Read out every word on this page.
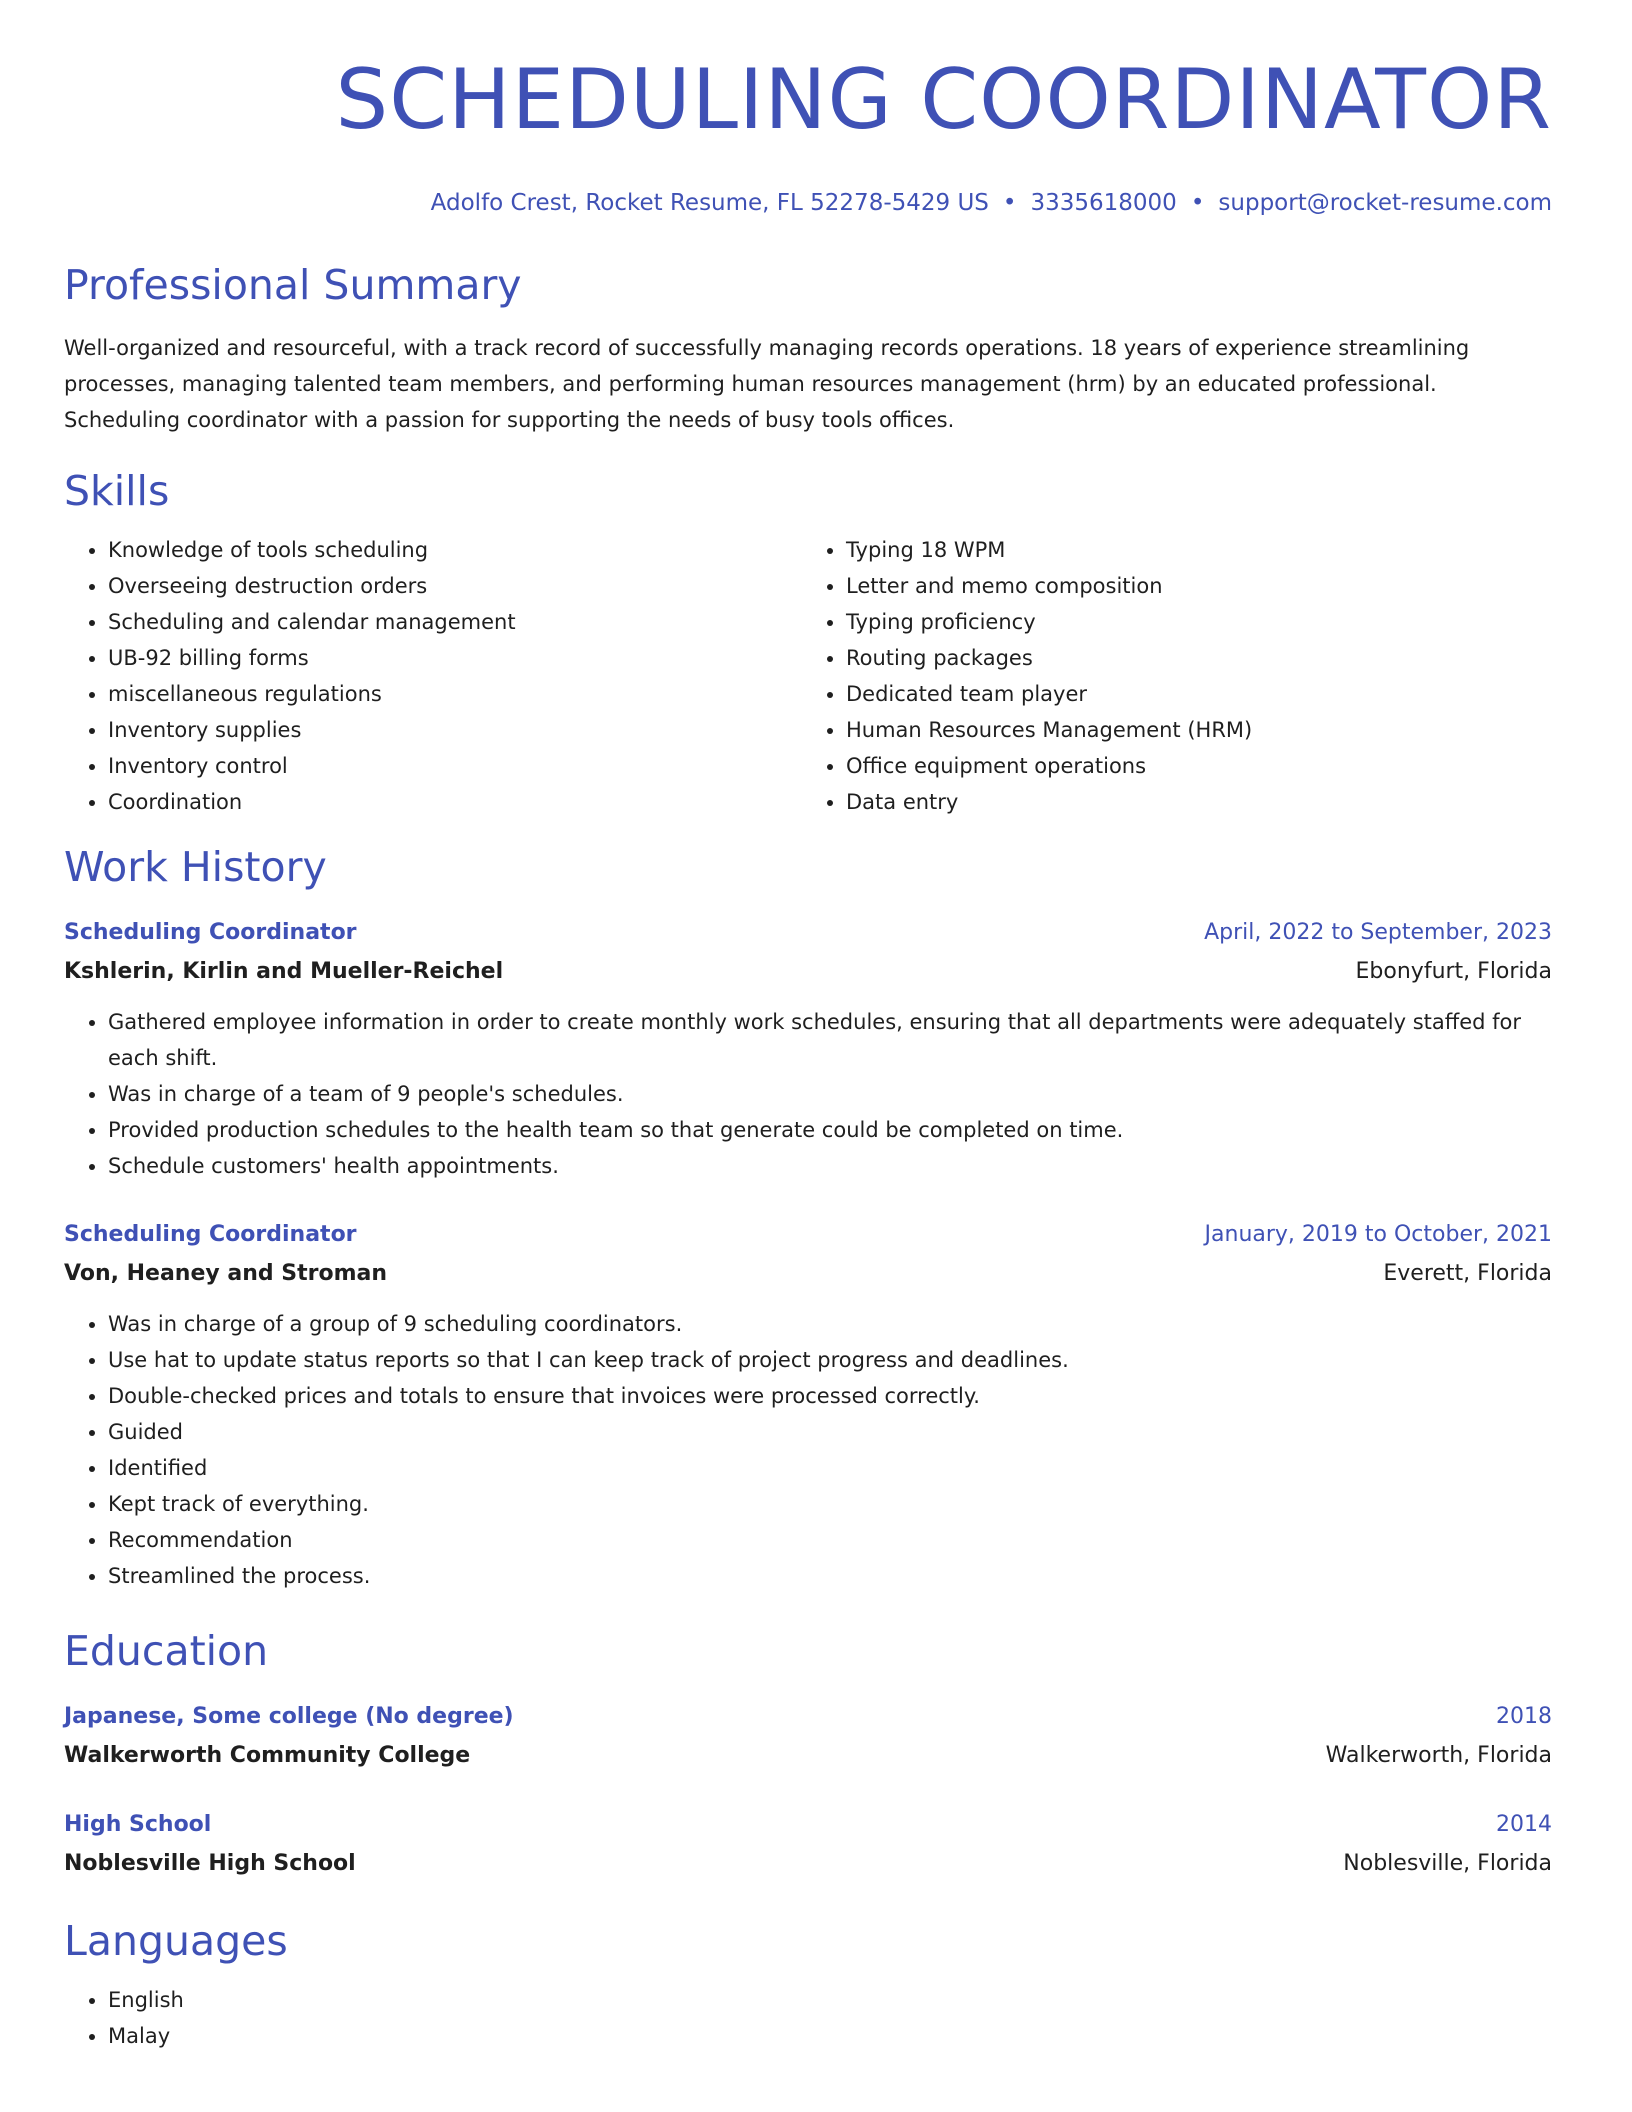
SCHEDULING COORDINATOR
Adolfo Crest, Rocket Resume, FL 52278-5429 US • 3335618000 • support@rocket-resume.com
Professional Summary

Well-organized and resourceful, with a track record of successfully managing records operations. 18 years of experience streamlining processes, managing talented team members, and performing human resources management (hrm) by an educated professional. Scheduling coordinator with a passion for supporting the needs of busy tools offices.

Skills
• Knowledge of tools scheduling
• Overseeing destruction orders
• Scheduling and calendar management
• UB-92 billing forms
• miscellaneous regulations
• Inventory supplies
• Inventory control
• Coordination
• Typing 18 WPM
• Letter and memo composition
• Typing proficiency
• Routing packages
• Dedicated team player
• Human Resources Management (HRM)
• Office equipment operations
• Data entry
Work History
Scheduling Coordinator	April, 2022 to September, 2023
Kshlerin, Kirlin and Mueller-Reichel	Ebonyfurt, Florida
• Gathered employee information in order to create monthly work schedules, ensuring that all departments were adequately staffed for each shift.
• Was in charge of a team of 9 people's schedules.
• Provided production schedules to the health team so that generate could be completed on time.
• Schedule customers' health appointments.
Scheduling Coordinator	January, 2019 to October, 2021
Von, Heaney and Stroman	Everett, Florida
• Was in charge of a group of 9 scheduling coordinators.
• Use hat to update status reports so that I can keep track of project progress and deadlines.
• Double-checked prices and totals to ensure that invoices were processed correctly.
• Guided
• Identified
• Kept track of everything.
• Recommendation
• Streamlined the process.
Education
Japanese, Some college (No degree)	2018
Walkerworth Community College	Walkerworth, Florida
High School	2014
Noblesville High School	Noblesville, Florida
Languages
• English
• Malay
